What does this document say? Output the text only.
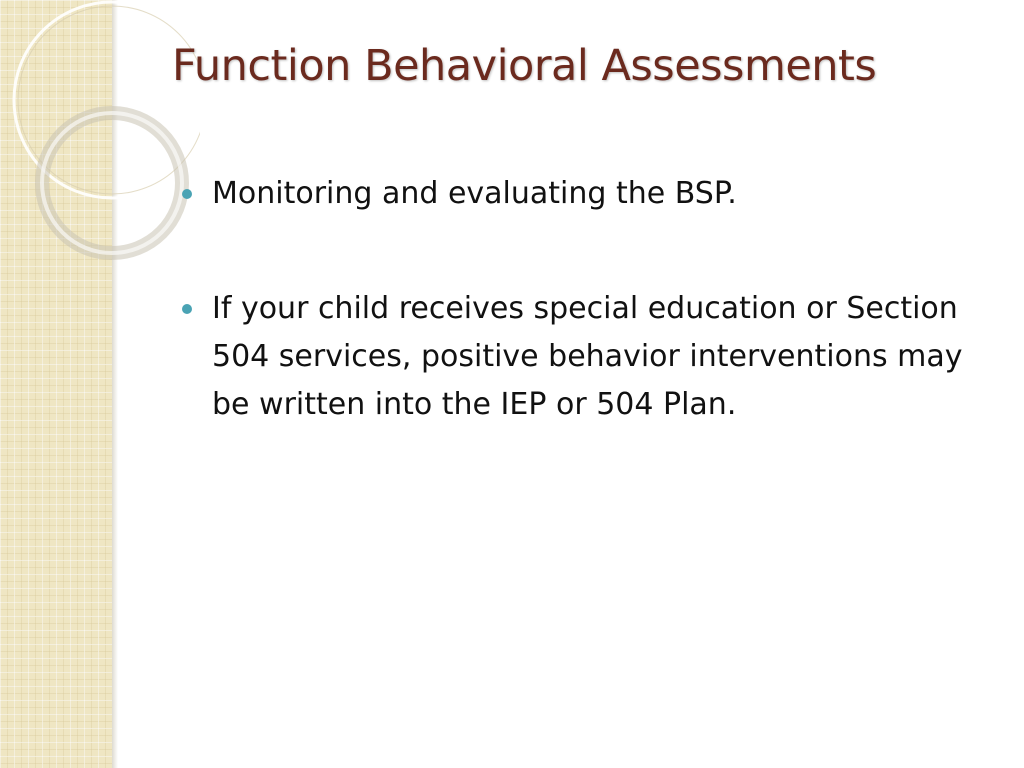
Function Behavioral Assessments
Monitoring and evaluating the BSP.
If your child receives special education or Section 504 services, positive behavior interventions may be written into the IEP or 504 Plan.
